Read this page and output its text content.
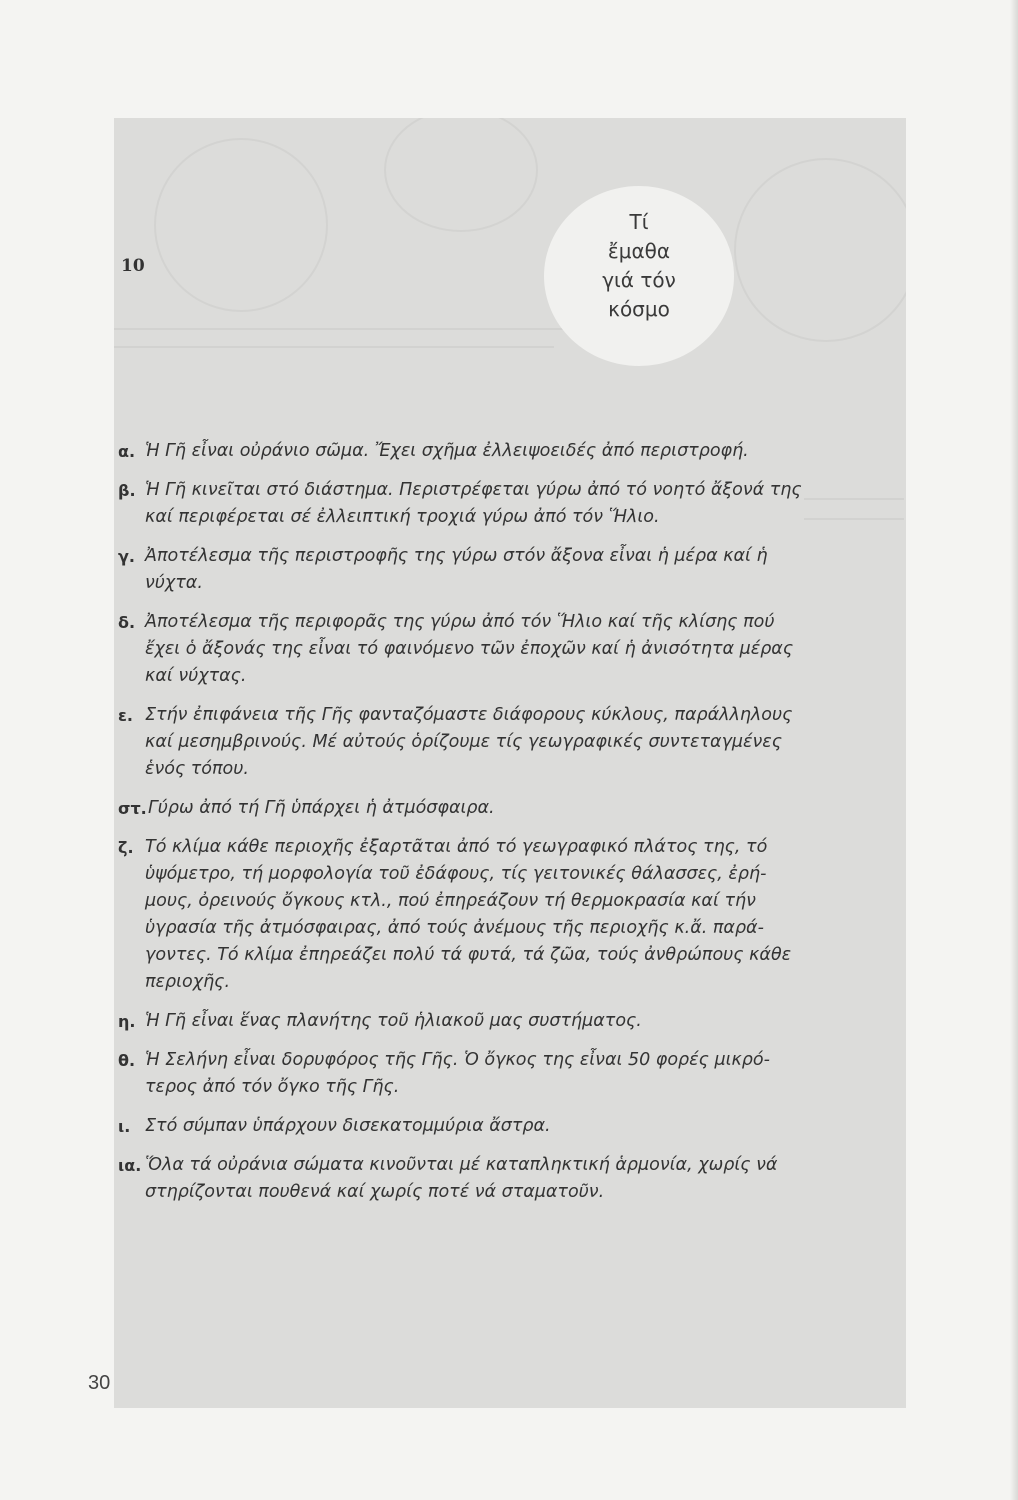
10
Τί
ἔμαθα
γιά τόν
κόσμο
α. Ἡ Γῆ εἶναι οὐράνιο σῶμα. Ἔχει σχῆμα ἐλλειψοειδές ἀπό περιστροφή.
β. Ἡ Γῆ κινεῖται στό διάστημα. Περιστρέφεται γύρω ἀπό τό νοητό ἄξονά της
καί περιφέρεται σέ ἐλλειπτική τροχιά γύρω ἀπό τόν Ἥλιο.
γ. Ἀποτέλεσμα τῆς περιστροφῆς της γύρω στόν ἄξονα εἶναι ἡ μέρα καί ἡ
νύχτα.
δ. Ἀποτέλεσμα τῆς περιφορᾶς της γύρω ἀπό τόν Ἥλιο καί τῆς κλίσης πού
ἔχει ὁ ἄξονάς της εἶναι τό φαινόμενο τῶν ἐποχῶν καί ἡ ἀνισότητα μέρας
καί νύχτας.
ε. Στήν ἐπιφάνεια τῆς Γῆς φανταζόμαστε διάφορους κύκλους, παράλληλους
καί μεσημβρινούς. Μέ αὐτούς ὁρίζουμε τίς γεωγραφικές συντεταγμένες
ἑνός τόπου.
στ. Γύρω ἀπό τή Γῆ ὑπάρχει ἡ ἀτμόσφαιρα.
ζ. Τό κλίμα κάθε περιοχῆς ἐξαρτᾶται ἀπό τό γεωγραφικό πλάτος της, τό
ὑψόμετρο, τή μορφολογία τοῦ ἐδάφους, τίς γειτονικές θάλασσες, ἐρή-
μους, ὀρεινούς ὄγκους κτλ., πού ἐπηρεάζουν τή θερμοκρασία καί τήν
ὑγρασία τῆς ἀτμόσφαιρας, ἀπό τούς ἀνέμους τῆς περιοχῆς κ.ἄ. παρά-
γοντες. Τό κλίμα ἐπηρεάζει πολύ τά φυτά, τά ζῶα, τούς ἀνθρώπους κάθε
περιοχῆς.
η. Ἡ Γῆ εἶναι ἕνας πλανήτης τοῦ ἡλιακοῦ μας συστήματος.
θ. Ἡ Σελήνη εἶναι δορυφόρος τῆς Γῆς. Ὁ ὄγκος της εἶναι 50 φορές μικρό-
τερος ἀπό τόν ὄγκο τῆς Γῆς.
ι. Στό σύμπαν ὑπάρχουν δισεκατομμύρια ἄστρα.
ια. Ὅλα τά οὐράνια σώματα κινοῦνται μέ καταπληκτική ἁρμονία, χωρίς νά
στηρίζονται πουθενά καί χωρίς ποτέ νά σταματοῦν.
30
